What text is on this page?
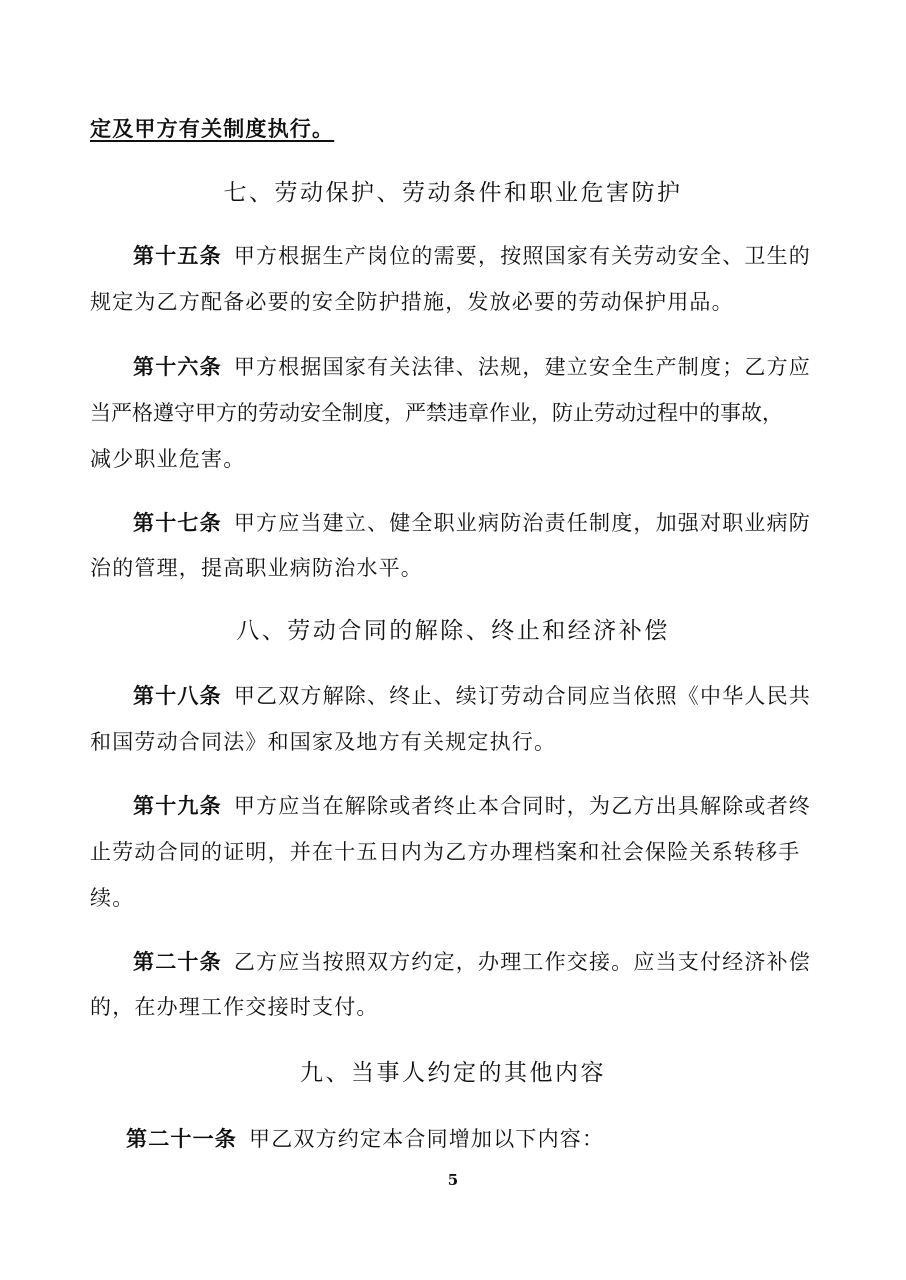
定及甲方有关制度执行。
七、劳动保护、劳动条件和职业危害防护
第十五条 甲方根据生产岗位的需要，按照国家有关劳动安全、卫生的
规定为乙方配备必要的安全防护措施，发放必要的劳动保护用品。
第十六条 甲方根据国家有关法律、法规，建立安全生产制度；乙方应
当严格遵守甲方的劳动安全制度，严禁违章作业，防止劳动过程中的事故，
减少职业危害。
第十七条 甲方应当建立、健全职业病防治责任制度，加强对职业病防
治的管理，提高职业病防治水平。
八、劳动合同的解除、终止和经济补偿
第十八条 甲乙双方解除、终止、续订劳动合同应当依照《中华人民共
和国劳动合同法》和国家及地方有关规定执行。
第十九条 甲方应当在解除或者终止本合同时，为乙方出具解除或者终
止劳动合同的证明，并在十五日内为乙方办理档案和社会保险关系转移手
续。
第二十条 乙方应当按照双方约定，办理工作交接。应当支付经济补偿
的，在办理工作交接时支付。
九、当事人约定的其他内容
第二十一条 甲乙双方约定本合同增加以下内容：
5
